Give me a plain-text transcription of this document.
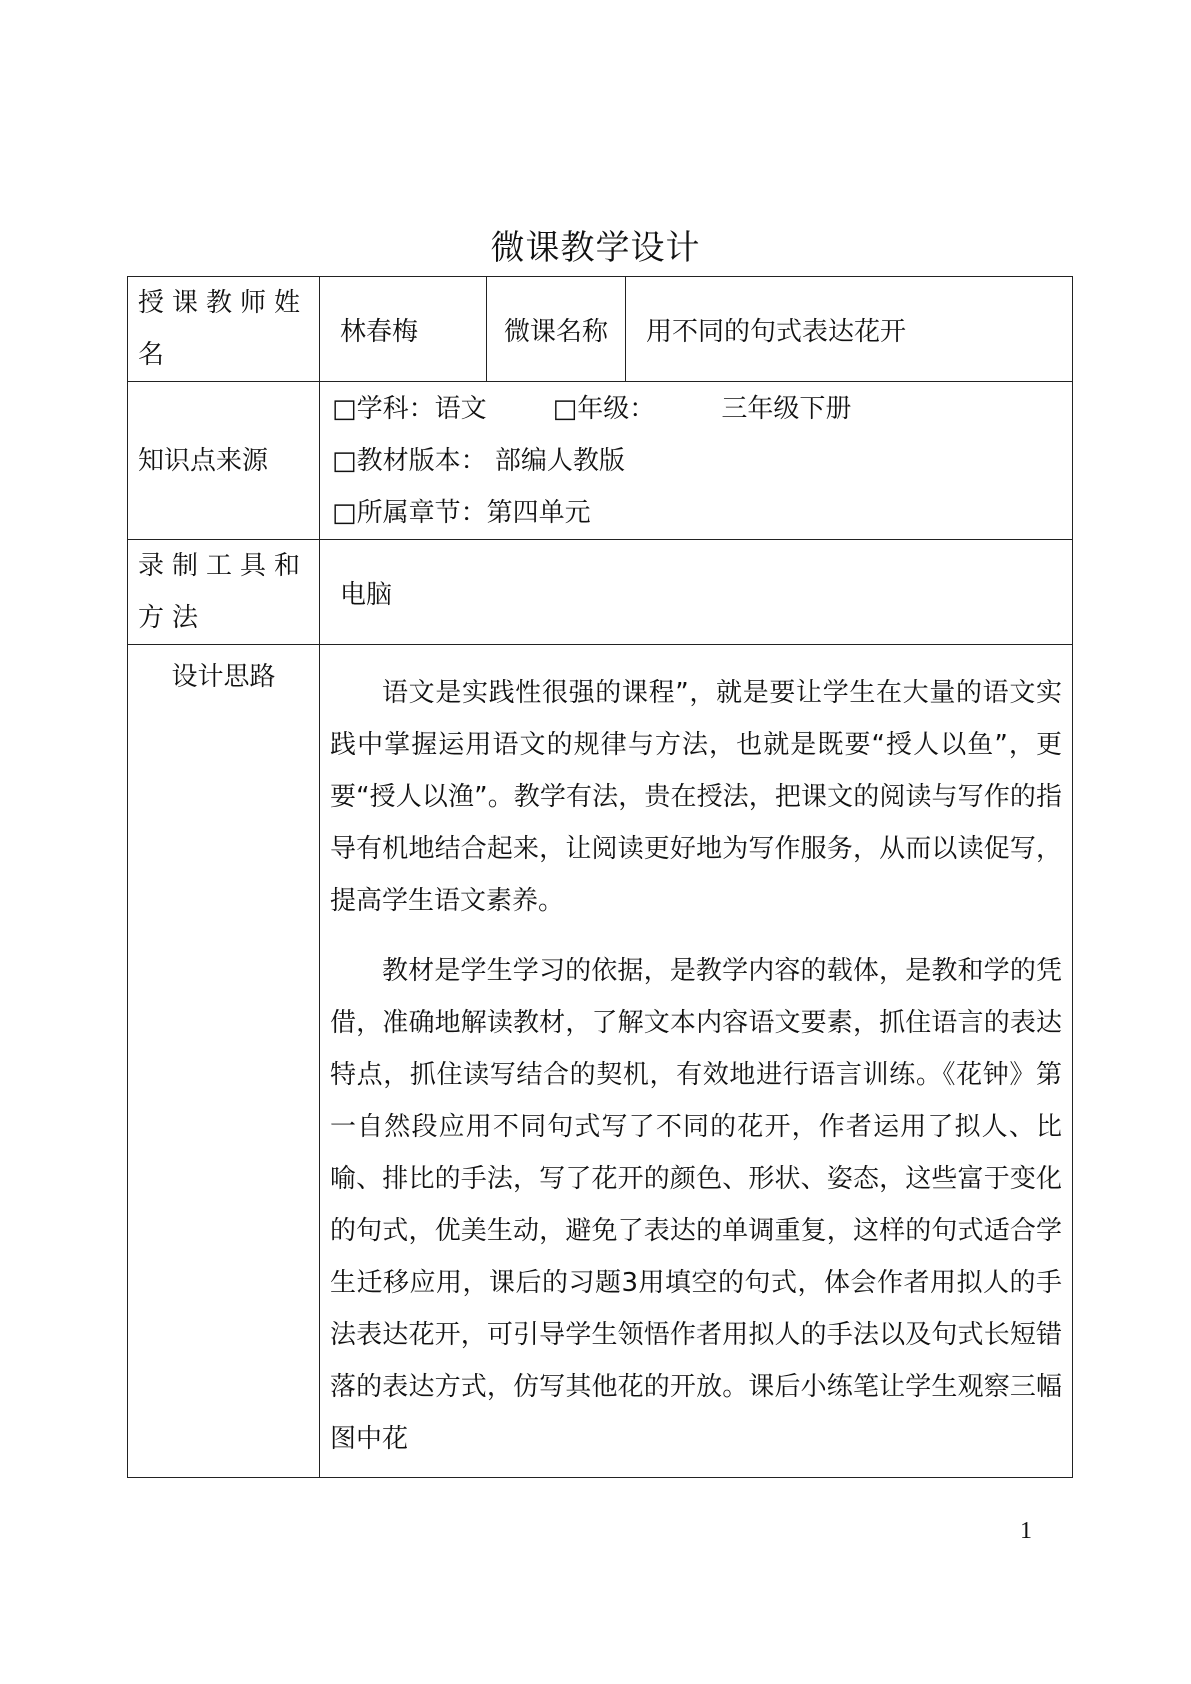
微课教学设计
授课教师姓名	林春梅	微课名称	用不同的句式表达花开
知识点来源	□学科：语文        □年级：        三年级下册
□教材版本： 部编人教版
□所属章节：第四单元		

录制工具和方法	电脑		
设计思路	语文是实践性很强的课程”，就是要让学生在大量的语文实践中掌握运用语文的规律与方法，也就是既要“授人以鱼”，更要“授人以渔”。教学有法，贵在授法，把课文的阅读与写作的指导有机地结合起来，让阅读更好地为写作服务，从而以读促写，提高学生语文素养。

教材是学生学习的依据，是教学内容的载体，是教和学的凭借，准确地解读教材，了解文本内容语文要素，抓住语言的表达特点，抓住读写结合的契机，有效地进行语言训练。《花钟》第一自然段应用不同句式写了不同的花开，作者运用了拟人、比喻、排比的手法，写了花开的颜色、形状、姿态，这些富于变化的句式，优美生动，避免了表达的单调重复，这样的句式适合学生迁移应用，课后的习题3用填空的句式，体会作者用拟人的手法表达花开，可引导学生领悟作者用拟人的手法以及句式长短错落的表达方式，仿写其他花的开放。课后小练笔让学生观察三幅图中花		

1
